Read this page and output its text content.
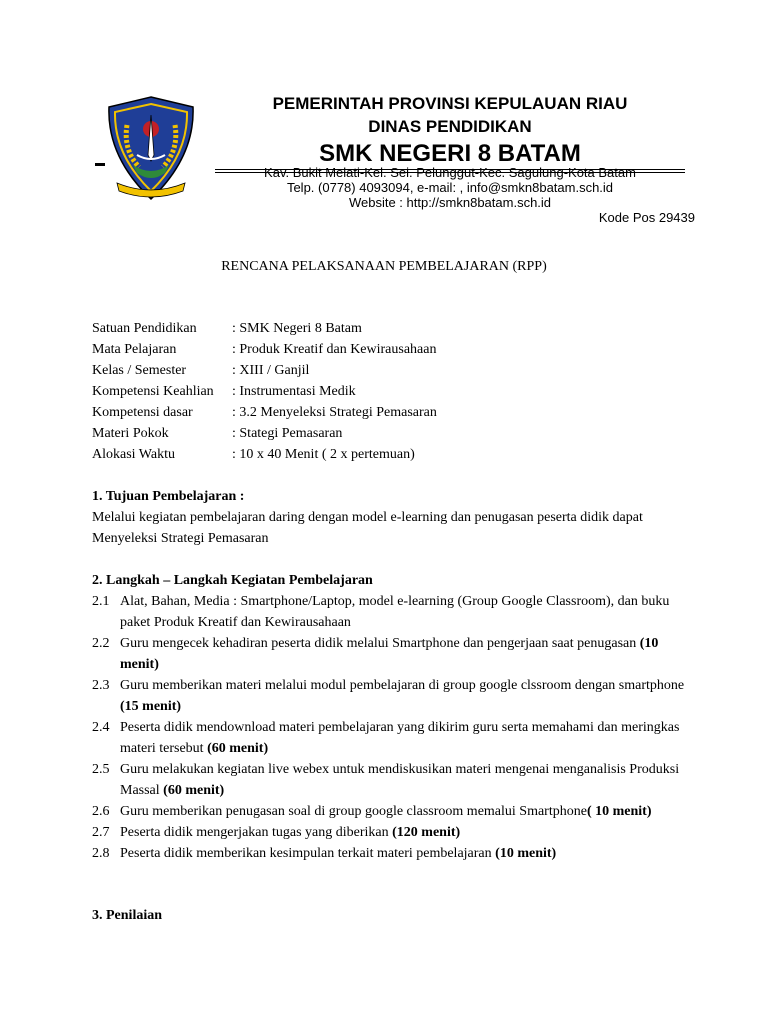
PEMERINTAH PROVINSI KEPULAUAN RIAU
DINAS PENDIDIKAN
SMK NEGERI 8 BATAM
Kav. Bukit Melati-Kel. Sei. Pelunggut-Kec. Sagulung-Kota Batam
Telp. (0778) 4093094, e-mail: , info@smkn8batam.sch.id
Website : http://smkn8batam.sch.id
Kode Pos 29439
RENCANA PELAKSANAAN PEMBELAJARAN (RPP)
Satuan Pendidikan	: SMK Negeri 8 Batam
Mata Pelajaran	: Produk Kreatif dan Kewirausahaan
Kelas / Semester	: XIII / Ganjil
Kompetensi Keahlian	: Instrumentasi Medik
Kompetensi dasar	: 3.2 Menyeleksi Strategi Pemasaran
Materi Pokok	: Stategi Pemasaran
Alokasi Waktu	: 10 x 40 Menit ( 2 x pertemuan)
1. Tujuan Pembelajaran :
Melalui kegiatan pembelajaran daring dengan model e-learning dan penugasan peserta didik dapat Menyeleksi Strategi Pemasaran
2. Langkah – Langkah Kegiatan Pembelajaran
2.1 Alat, Bahan, Media : Smartphone/Laptop, model e-learning (Group Google Classroom), dan buku paket Produk Kreatif dan Kewirausahaan
2.2 Guru mengecek kehadiran peserta didik melalui Smartphone dan pengerjaan saat penugasan (10 menit)
2.3 Guru memberikan materi melalui modul pembelajaran di group google clssroom dengan smartphone (15 menit)
2.4 Peserta didik mendownload materi pembelajaran yang dikirim guru serta memahami dan meringkas materi tersebut (60 menit)
2.5 Guru melakukan kegiatan live webex untuk mendiskusikan materi mengenai menganalisis Produksi Massal (60 menit)
2.6 Guru memberikan penugasan soal di group google classroom memalui Smartphone( 10 menit)
2.7 Peserta didik mengerjakan tugas yang diberikan (120 menit)
2.8 Peserta didik memberikan kesimpulan terkait materi pembelajaran (10 menit)
3. Penilaian
